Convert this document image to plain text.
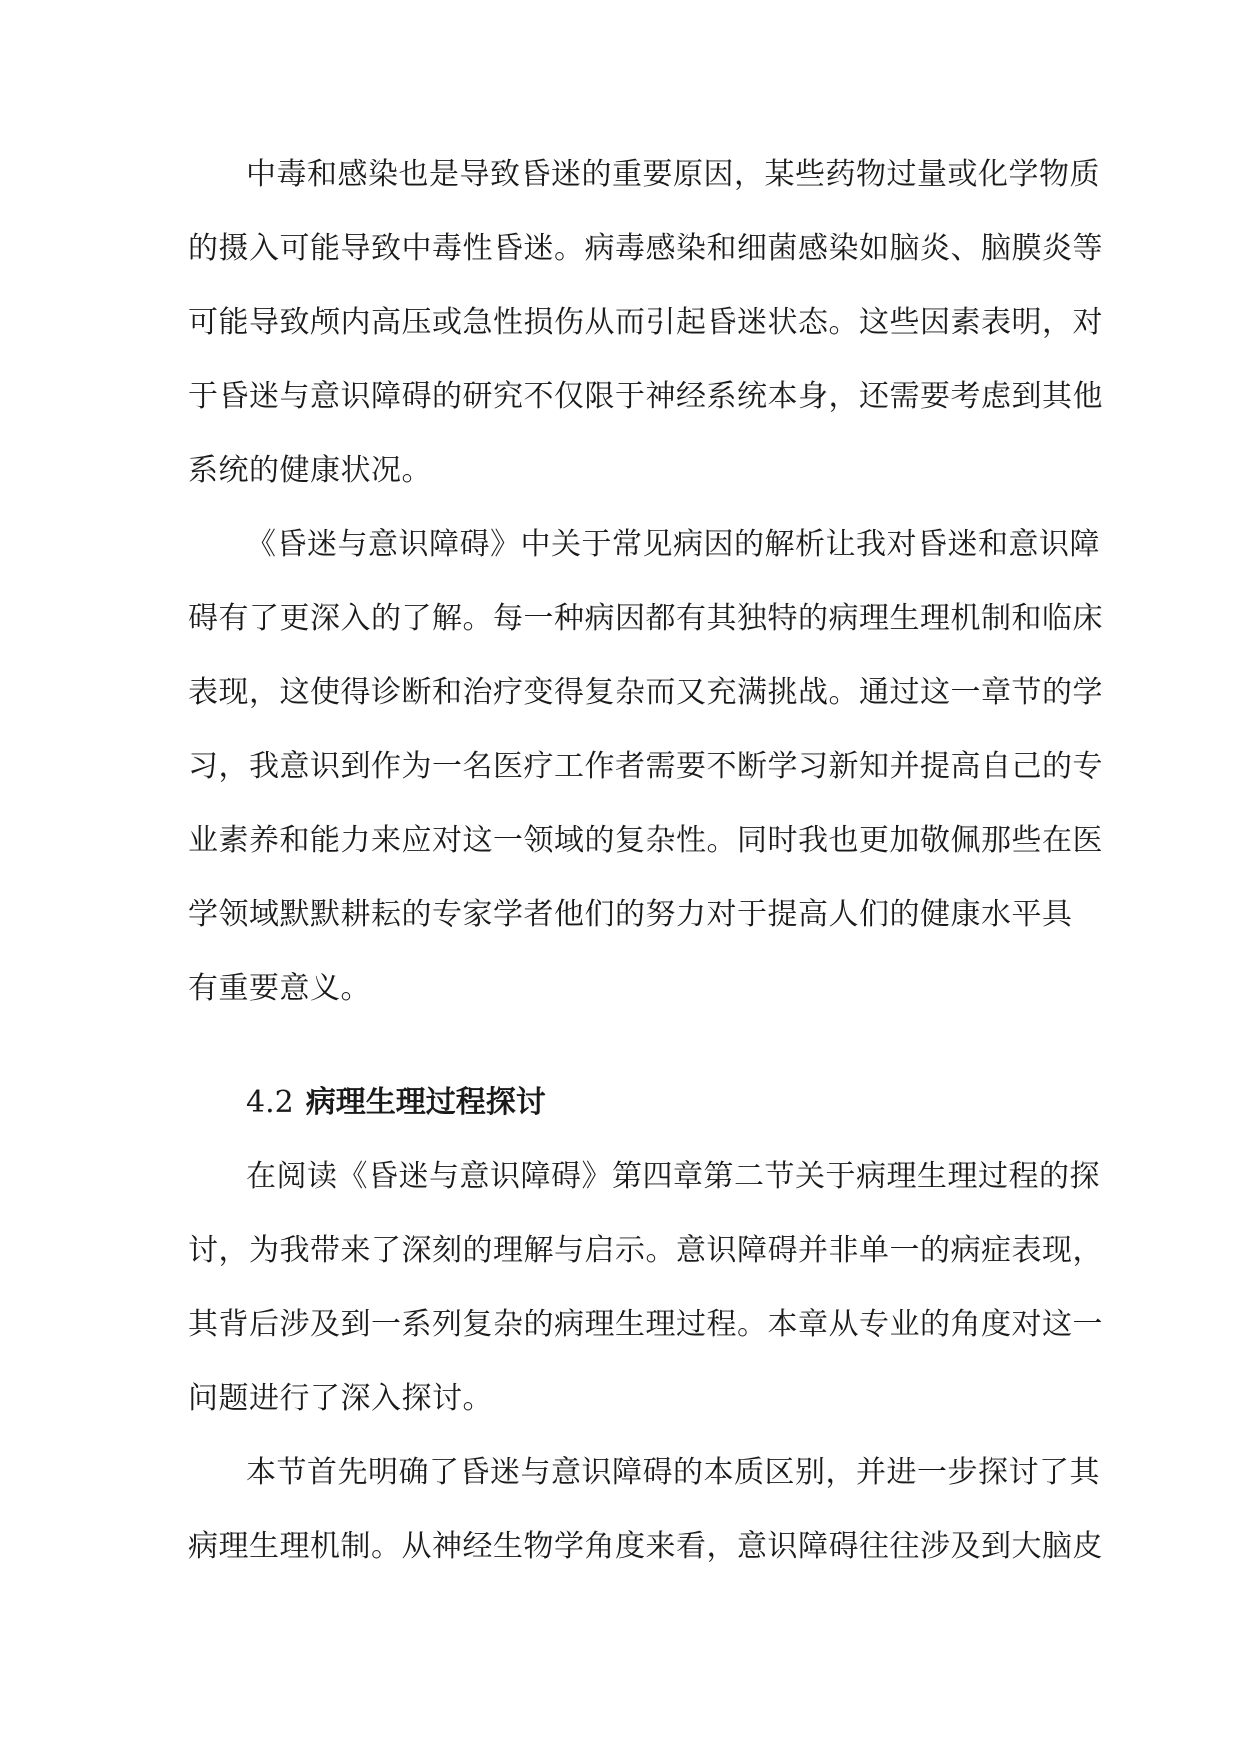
中毒和感染也是导致昏迷的重要原因，某些药物过量或化学物质
的摄入可能导致中毒性昏迷。病毒感染和细菌感染如脑炎、脑膜炎等
可能导致颅内高压或急性损伤从而引起昏迷状态。这些因素表明，对
于昏迷与意识障碍的研究不仅限于神经系统本身，还需要考虑到其他
系统的健康状况。
《昏迷与意识障碍》中关于常见病因的解析让我对昏迷和意识障
碍有了更深入的了解。每一种病因都有其独特的病理生理机制和临床
表现，这使得诊断和治疗变得复杂而又充满挑战。通过这一章节的学
习，我意识到作为一名医疗工作者需要不断学习新知并提高自己的专
业素养和能力来应对这一领域的复杂性。同时我也更加敬佩那些在医
学领域默默耕耘的专家学者他们的努力对于提高人们的健康水平具
有重要意义。
4.2 病理生理过程探讨
在阅读《昏迷与意识障碍》第四章第二节关于病理生理过程的探
讨，为我带来了深刻的理解与启示。意识障碍并非单一的病症表现，
其背后涉及到一系列复杂的病理生理过程。本章从专业的角度对这一
问题进行了深入探讨。
本节首先明确了昏迷与意识障碍的本质区别，并进一步探讨了其
病理生理机制。从神经生物学角度来看，意识障碍往往涉及到大脑皮
